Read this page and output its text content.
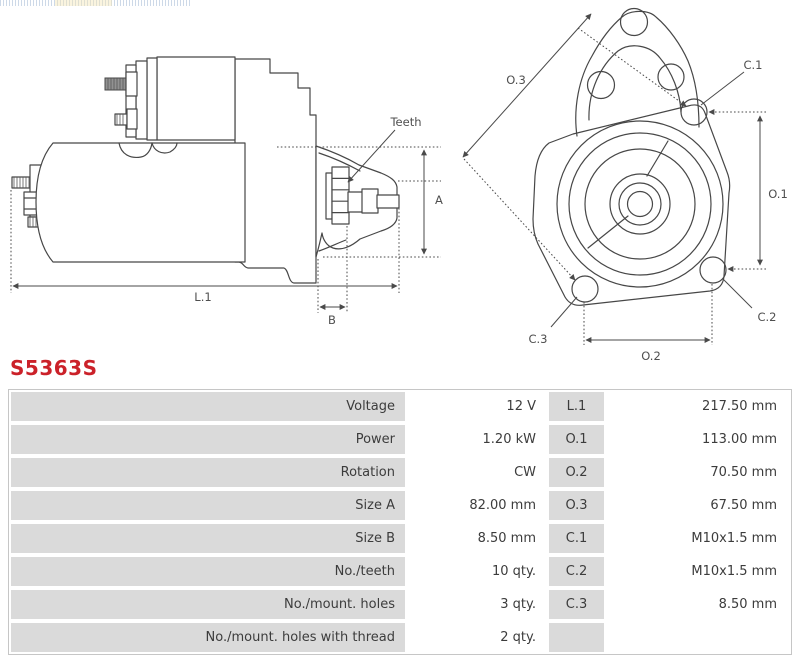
Teeth
A
L.1
B
O.3
C.1
O.1
O.2
C.2
C.3
S5363S
Voltage	12 V	L.1	217.50 mm
Power	1.20 kW	O.1	113.00 mm
Rotation	CW	O.2	70.50 mm
Size A	82.00 mm	O.3	67.50 mm
Size B	8.50 mm	C.1	M10x1.5 mm
No./teeth	10 qty.	C.2	M10x1.5 mm
No./mount. holes	3 qty.	C.3	8.50 mm
No./mount. holes with thread	2 qty.
